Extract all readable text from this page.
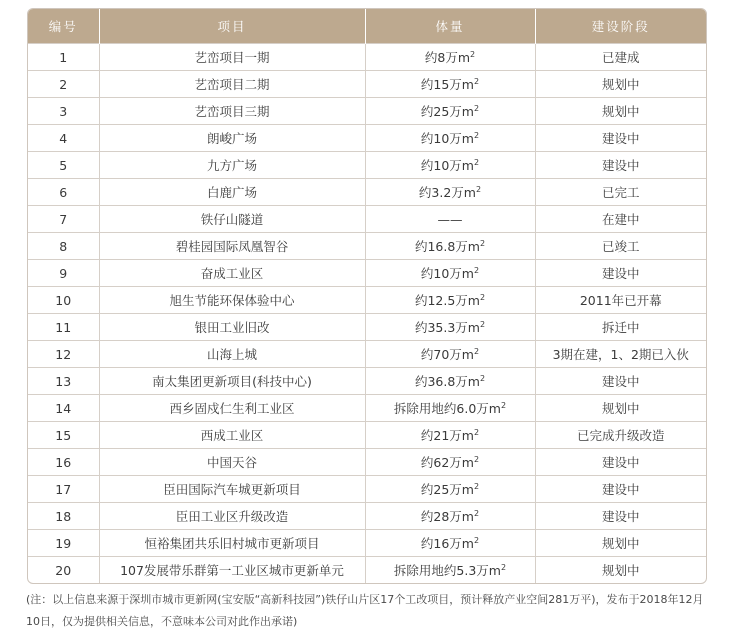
编号	项目	体量	建设阶段
1	艺峦项目一期	约8万$m^2$	已建成
2	艺峦项目二期	约15万$m^2$	规划中
3	艺峦项目三期	约25万$m^2$	规划中
4	朗峻广场	约10万$m^2$	建设中
5	九方广场	约10万$m^2$	建设中
6	白鹿广场	约3.2万$m^2$	已完工
7	铁仔山隧道	——	在建中
8	碧桂园国际凤凰智谷	约16.8万$m^2$	已竣工
9	奋成工业区	约10万$m^2$	建设中
10	旭生节能环保体验中心	约12.5万$m^2$	2011年已开幕
11	银田工业旧改	约35.3万$m^2$	拆迁中
12	山海上城	约70万$m^2$	3期在建，1、2期已入伙
13	南太集团更新项目(科技中心)	约36.8万$m^2$	建设中
14	西乡固戍仁生利工业区	拆除用地约6.0万$m^2$	规划中
15	西成工业区	约21万$m^2$	已完成升级改造
16	中国天谷	约62万$m^2$	建设中
17	臣田国际汽车城更新项目	约25万$m^2$	建设中
18	臣田工业区升级改造	约28万$m^2$	建设中
19	恒裕集团共乐旧村城市更新项目	约16万$m^2$	规划中
20	107发展带乐群第一工业区城市更新单元	拆除用地约5.3万$m^2$	规划中
(注：以上信息来源于深圳市城市更新网(宝安版“高新科技园”)铁仔山片区17个工改项目，预计释放产业空间281万平)，发布于2018年12月10日，仅为提供相关信息，不意味本公司对此作出承诺)
